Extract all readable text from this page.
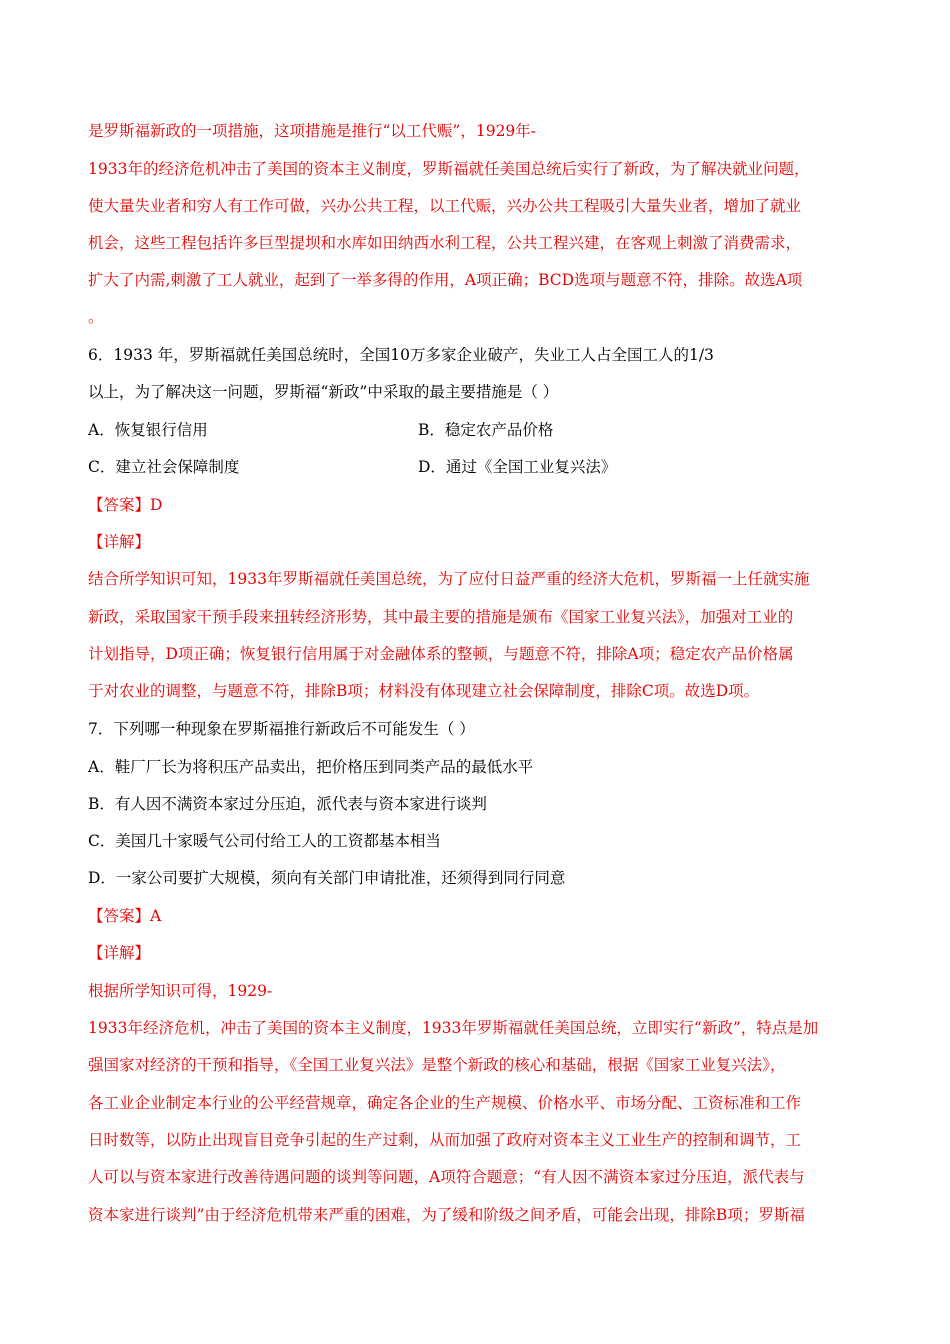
是罗斯福新政的一项措施，这项措施是推行“以工代赈”，1929年-
1933年的经济危机冲击了美国的资本主义制度，罗斯福就任美国总统后实行了新政，为了解决就业问题，
使大量失业者和穷人有工作可做，兴办公共工程，以工代赈，兴办公共工程吸引大量失业者，增加了就业
机会，这些工程包括许多巨型提坝和水库如田纳西水利工程，公共工程兴建，在客观上刺激了消费需求，
扩大了内需,刺激了工人就业，起到了一举多得的作用，A项正确；BCD选项与题意不符，排除。故选A项
。
6．1933 年，罗斯福就任美国总统时，全国10万多家企业破产，失业工人占全国工人的1/3
以上，为了解决这一问题，罗斯福“新政”中采取的最主要措施是（ ）
A．恢复银行信用	B．稳定农产品价格
C．建立社会保障制度	D．通过《全国工业复兴法》
【答案】D
【详解】
结合所学知识可知，1933年罗斯福就任美国总统，为了应付日益严重的经济大危机，罗斯福一上任就实施
新政，采取国家干预手段来扭转经济形势，其中最主要的措施是颁布《国家工业复兴法》，加强对工业的
计划指导，D项正确；恢复银行信用属于对金融体系的整顿，与题意不符，排除A项；稳定农产品价格属
于对农业的调整，与题意不符，排除B项；材料没有体现建立社会保障制度，排除C项。故选D项。
7．下列哪一种现象在罗斯福推行新政后不可能发生（ ）
A．鞋厂厂长为将积压产品卖出，把价格压到同类产品的最低水平
B．有人因不满资本家过分压迫，派代表与资本家进行谈判
C．美国几十家暖气公司付给工人的工资都基本相当
D．一家公司要扩大规模，须向有关部门申请批准，还须得到同行同意
【答案】A
【详解】
根据所学知识可得，1929-
1933年经济危机，冲击了美国的资本主义制度，1933年罗斯福就任美国总统，立即实行“新政”，特点是加
强国家对经济的干预和指导，《全国工业复兴法》是整个新政的核心和基础，根据《国家工业复兴法》，
各工业企业制定本行业的公平经营规章，确定各企业的生产规模、价格水平、市场分配、工资标准和工作
日时数等，以防止出现盲目竞争引起的生产过剩，从而加强了政府对资本主义工业生产的控制和调节，工
人可以与资本家进行改善待遇问题的谈判等问题，A项符合题意；“有人因不满资本家过分压迫，派代表与
资本家进行谈判”由于经济危机带来严重的困难，为了缓和阶级之间矛盾，可能会出现，排除B项；罗斯福
